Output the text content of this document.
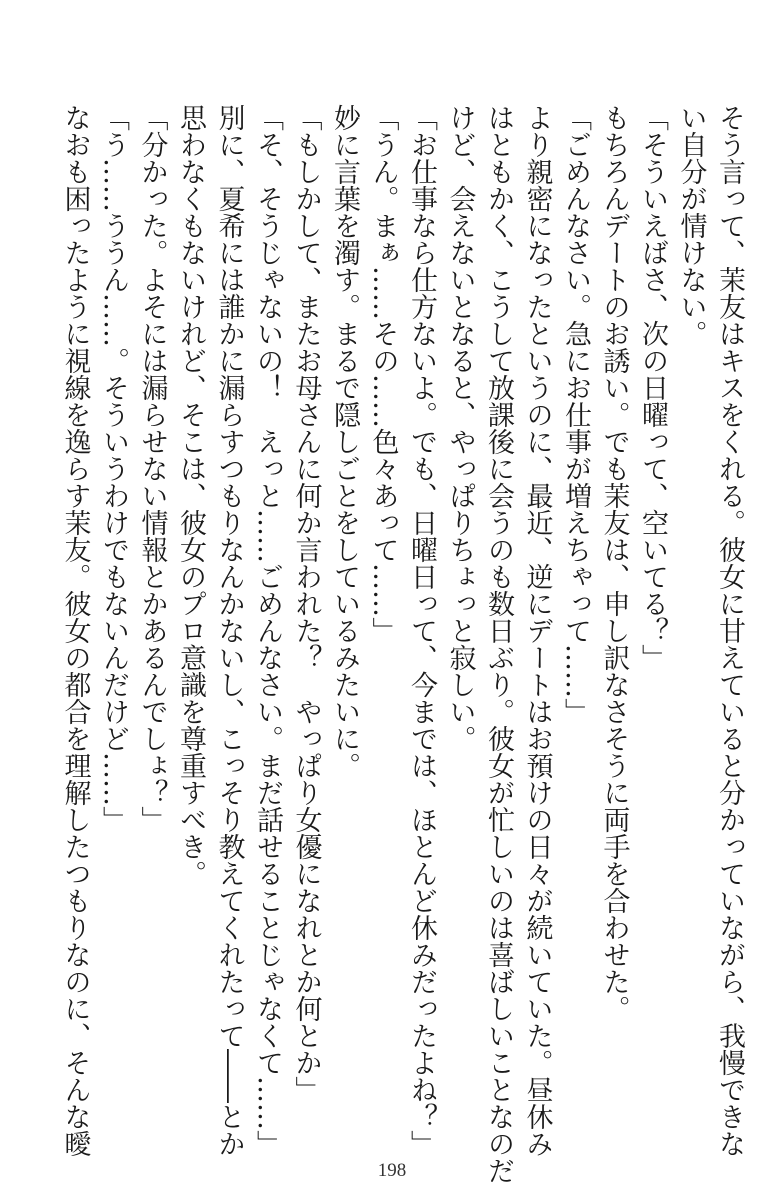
そう言って、茉友はキスをくれる。彼女に甘えていると分かっていながら、我慢できな
い自分が情けない。
「そういえばさ、次の日曜って、空いてる？」
もちろんデートのお誘い。でも茉友は、申し訳なさそうに両手を合わせた。
「ごめんなさい。急にお仕事が増えちゃって……」
より親密になったというのに、最近、逆にデートはお預けの日々が続いていた。昼休み
はともかく、こうして放課後に会うのも数日ぶり。彼女が忙しいのは喜ばしいことなのだ
けど、会えないとなると、やっぱりちょっと寂しい。
「お仕事なら仕方ないよ。でも、日曜日って、今までは、ほとんど休みだったよね？」
「うん。まぁ……その……色々あって……」
妙に言葉を濁す。まるで隠しごとをしているみたいに。
「もしかして、またお母さんに何か言われた？　やっぱり女優になれとか何とか」
「そ、そうじゃないの！　えっと……ごめんなさい。まだ話せることじゃなくて……」
別に、夏希には誰かに漏らすつもりなんかないし、こっそり教えてくれたって――とか
思わなくもないけれど、そこは、彼女のプロ意識を尊重すべき。
「分かった。よそには漏らせない情報とかあるんでしょ？」
「う……ううん……。そういうわけでもないんだけど……」
なおも困ったように視線を逸らす茉友。彼女の都合を理解したつもりなのに、そんな曖
198
